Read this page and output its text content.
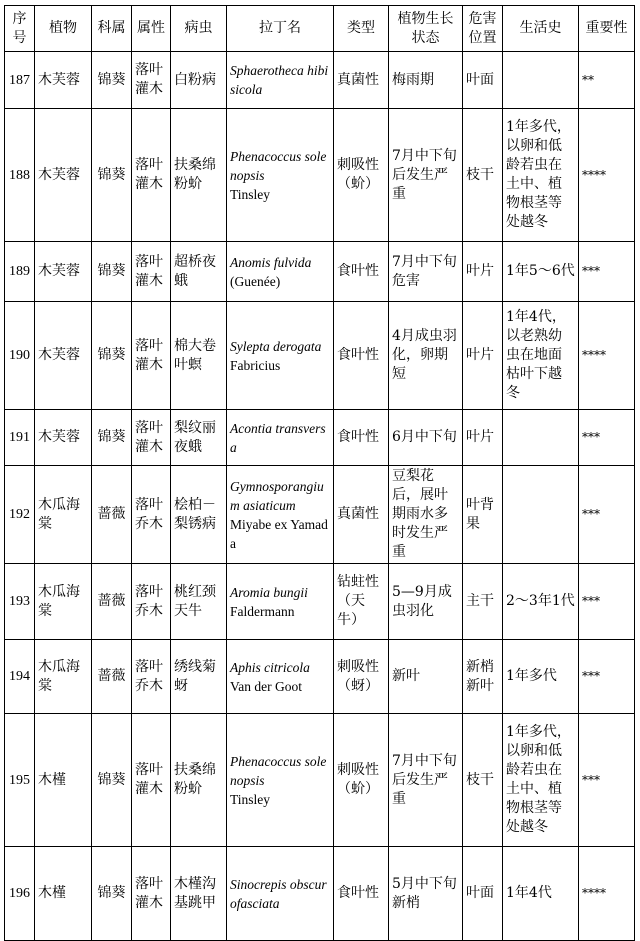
序号	植物	科属	属性	病虫	拉丁名	类型	植物生长状态	危害位置	生活史	重要性
187	木芙蓉	锦葵	落叶灌木	白粉病	Sphaerotheca hibisicola	真菌性	梅雨期	叶面		**
188	木芙蓉	锦葵	落叶灌木	扶桑绵粉蚧	Phenacoccus solenopsis
Tinsley	刺吸性（蚧）	7月中下旬后发生严重	枝干	1年多代，以卵和低龄若虫在土中、植物根茎等处越冬	****
189	木芙蓉	锦葵	落叶灌木	超桥夜蛾	Anomis fulvida
(Guenée)	食叶性	7月中下旬危害	叶片	1年5～6代	***
190	木芙蓉	锦葵	落叶灌木	棉大卷叶螟	Sylepta derogata
Fabricius	食叶性	4月成虫羽化，卵期短	叶片	1年4代，以老熟幼虫在地面枯叶下越冬	****
191	木芙蓉	锦葵	落叶灌木	梨纹丽夜蛾	Acontia transversa	食叶性	6月中下旬	叶片		***
192	木瓜海棠	蔷薇	落叶乔木	桧柏－梨锈病	Gymnosporangium asiaticum
Miyabe ex Yamada	真菌性	豆梨花后，展叶期雨水多时发生严重	叶背果		***
193	木瓜海棠	蔷薇	落叶乔木	桃红颈天牛	Aromia bungii
Faldermann	钻蛀性（天牛）	5—9月成虫羽化	主干	2～3年1代	***
194	木瓜海棠	蔷薇	落叶乔木	绣线菊蚜	Aphis citricola
Van der Goot	刺吸性（蚜）	新叶	新梢新叶	1年多代	***
195	木槿	锦葵	落叶灌木	扶桑绵粉蚧	Phenacoccus solenopsis
Tinsley	刺吸性（蚧）	7月中下旬后发生严重	枝干	1年多代，以卵和低龄若虫在土中、植物根茎等处越冬	***
196	木槿	锦葵	落叶灌木	木槿沟基跳甲	Sinocrepis obscurofasciata	食叶性	5月中下旬新梢	叶面	1年4代	****
